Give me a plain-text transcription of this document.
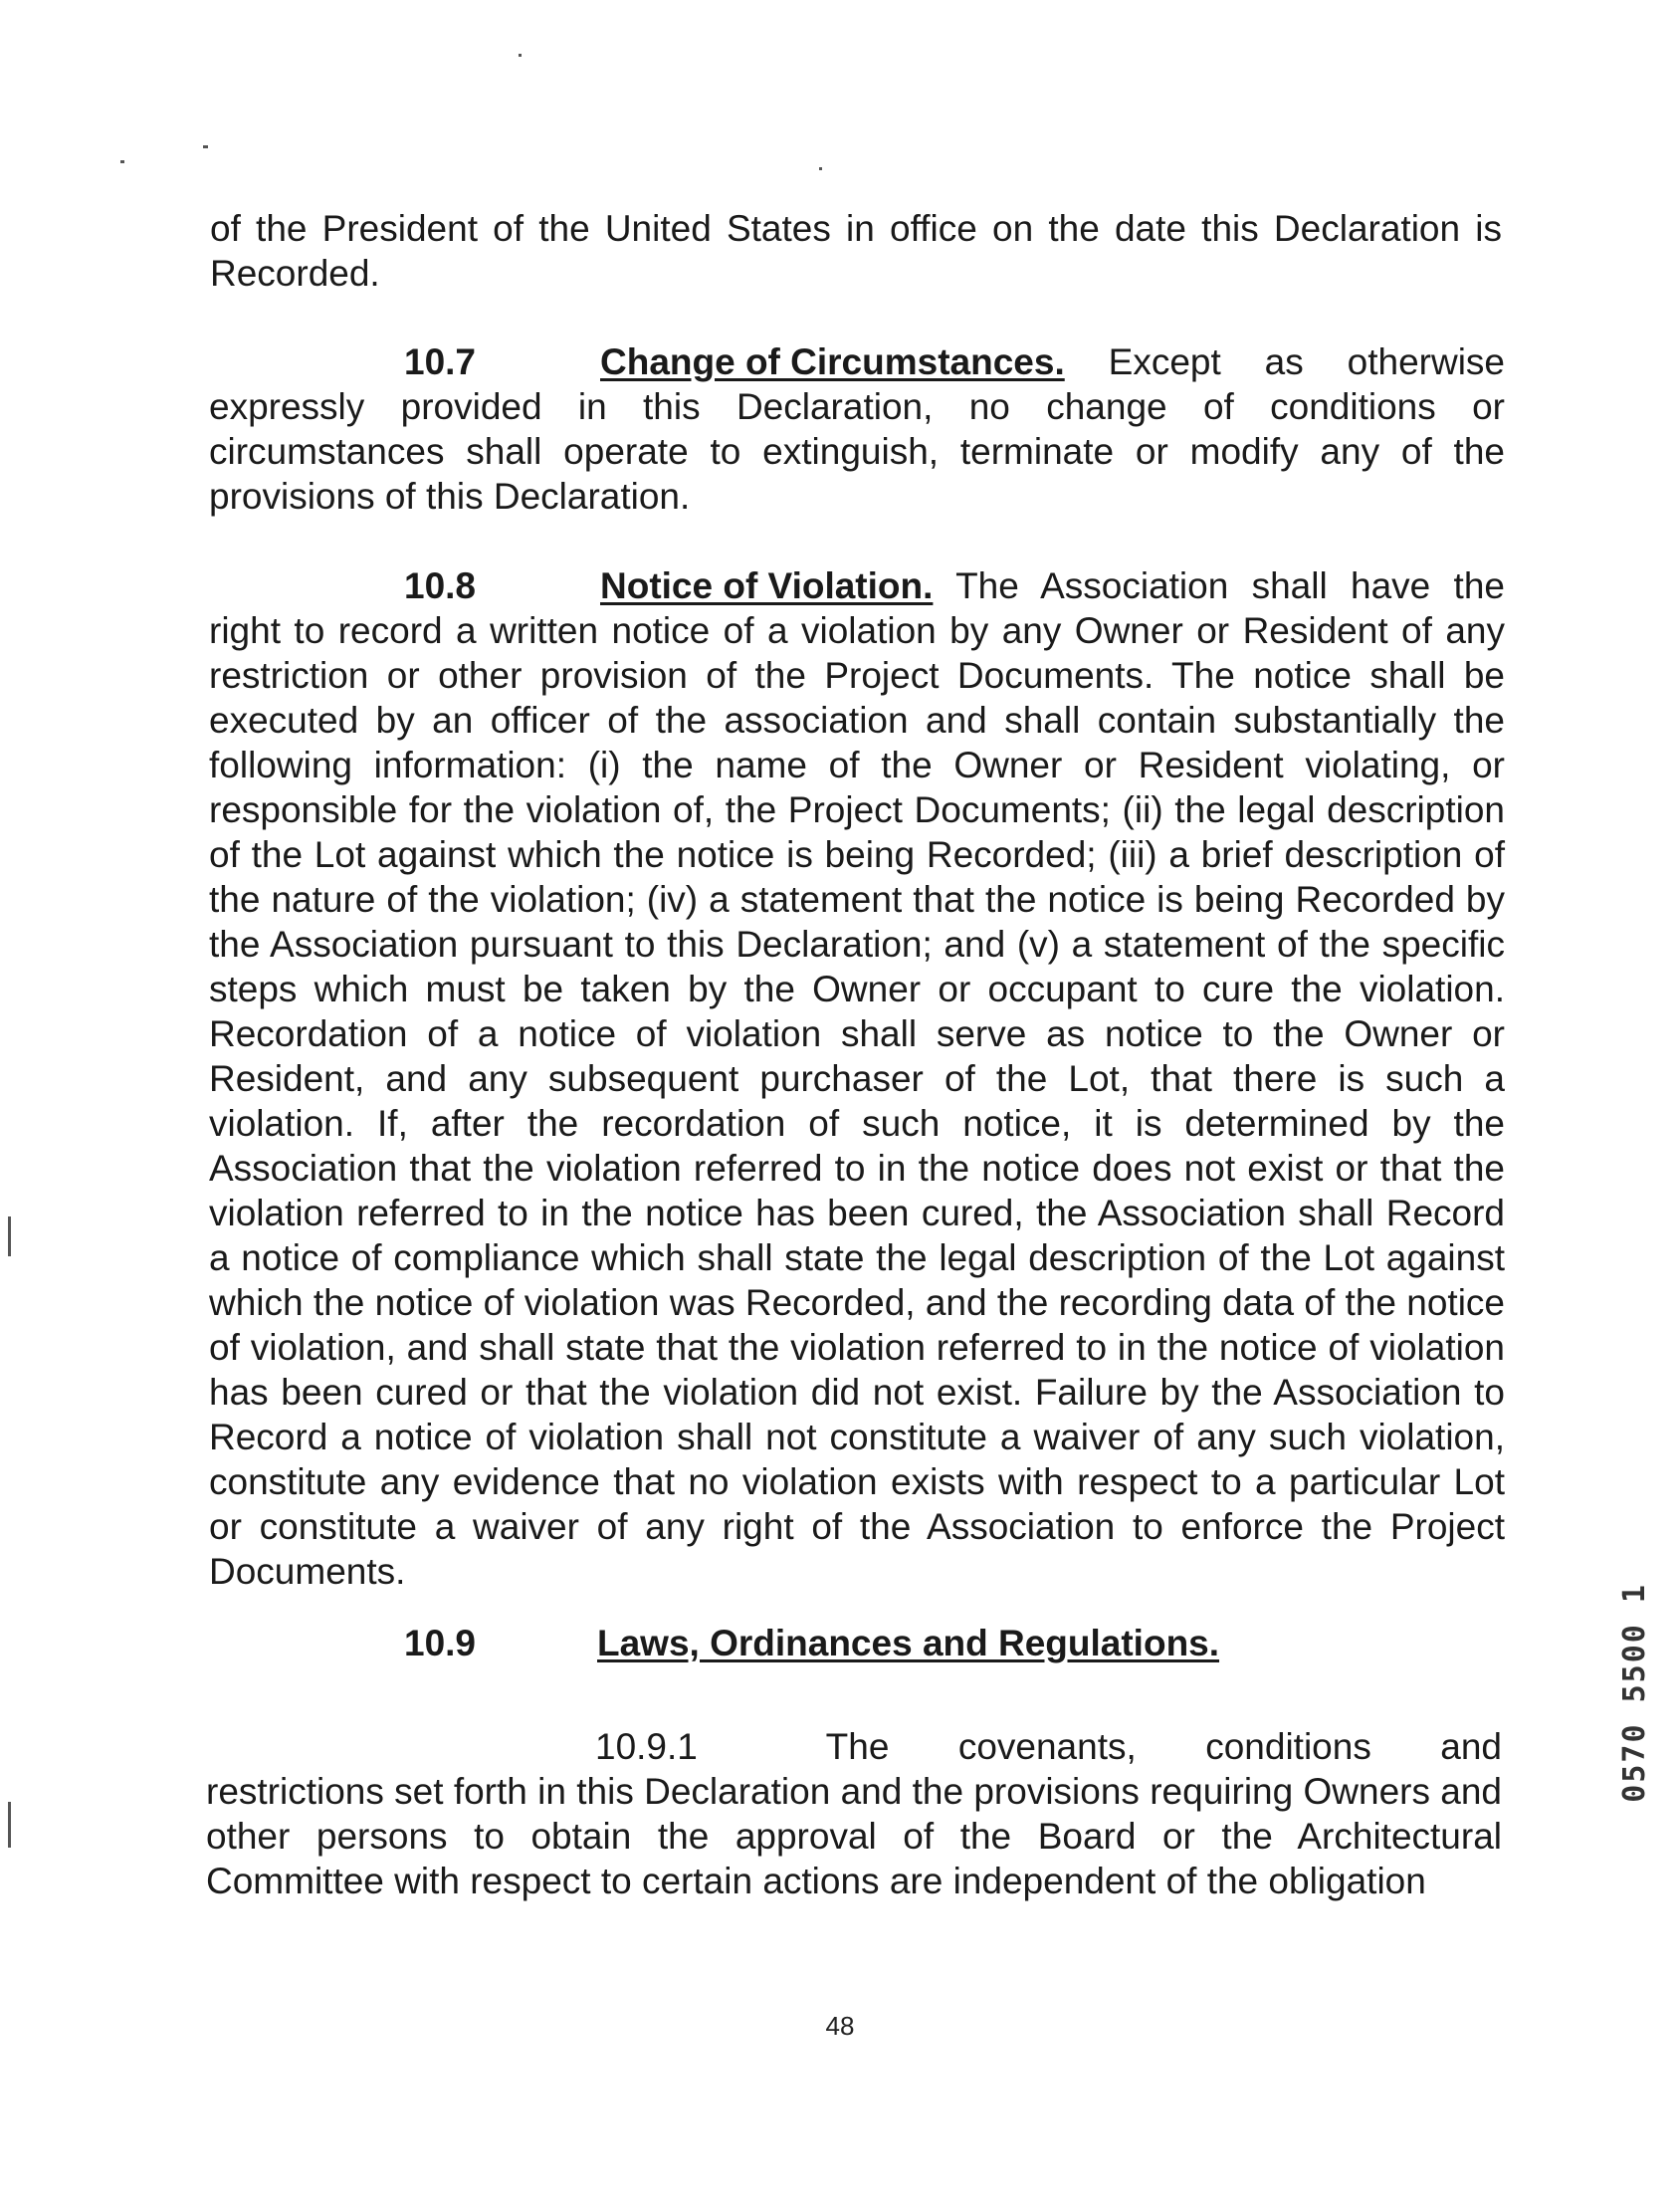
of the President of the United States in office on the date this Declaration is Recorded.
10.7	Change of Circumstances. Except as otherwise
expressly provided in this Declaration, no change of conditions or circumstances shall operate to extinguish, terminate or modify any of the provisions of this Declaration.
10.8	Notice of Violation. The Association shall have the
right to record a written notice of a violation by any Owner or Resident of any restriction or other provision of the Project Documents. The notice shall be executed by an officer of the association and shall contain substantially the following information: (i) the name of the Owner or Resident violating, or responsible for the violation of, the Project Documents; (ii) the legal description of the Lot against which the notice is being Recorded; (iii) a brief description of the nature of the violation; (iv) a statement that the notice is being Recorded by the Association pursuant to this Declaration; and (v) a statement of the specific steps which must be taken by the Owner or occupant to cure the violation. Recordation of a notice of violation shall serve as notice to the Owner or Resident, and any subsequent purchaser of the Lot, that there is such a violation. If, after the recordation of such notice, it is determined by the Association that the violation referred to in the notice does not exist or that the violation referred to in the notice has been cured, the Association shall Record a notice of compliance which shall state the legal description of the Lot against which the notice of violation was Recorded, and the recording data of the notice of violation, and shall state that the violation referred to in the notice of violation has been cured or that the violation did not exist. Failure by the Association to Record a notice of violation shall not constitute a waiver of any such violation, constitute any evidence that no violation exists with respect to a particular Lot or constitute a waiver of any right of the Association to enforce the Project Documents.
10.9	Laws, Ordinances and Regulations.
10.9.1	The covenants, conditions and
restrictions set forth in this Declaration and the provisions requiring Owners and other persons to obtain the approval of the Board or the Architectural Committee with respect to certain actions are independent of the obligation
48
0570 5500 1
